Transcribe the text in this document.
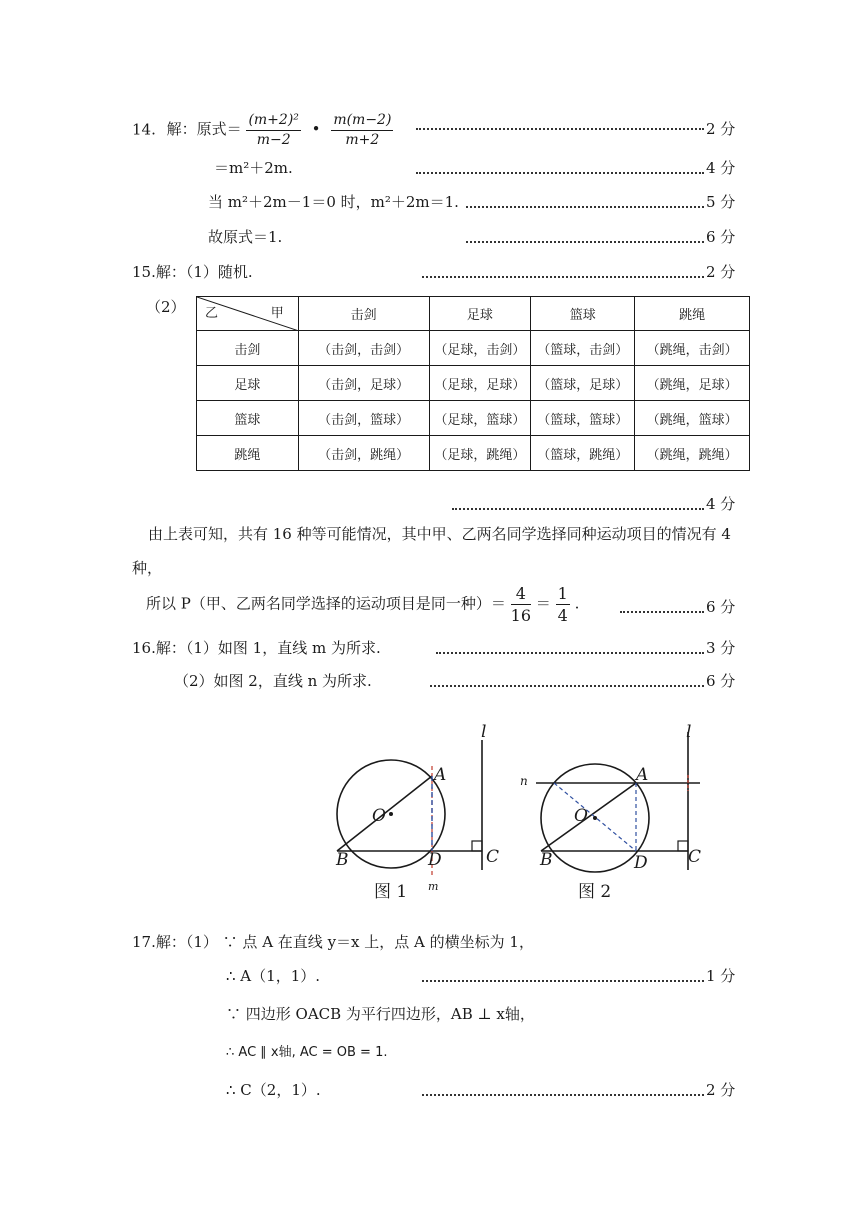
14. 解：原式＝ $\frac{\text{(m+2)²}}{m-2}$ • $\frac{m(m-2)}{m+2}$	2 分
＝m²＋2m.	4 分
当 m²＋2m－1＝0 时，m²＋2m＝1.	5 分
故原式＝1.	6 分
15.解：（1）随机.	2 分
（2）	甲
乙	击剑	足球	篮球	跳绳
击剑	（击剑，击剑）	（足球，击剑）	（篮球，击剑）	（跳绳，击剑）
足球	（击剑，足球）	（足球，足球）	（篮球，足球）	（跳绳，足球）
篮球	（击剑，篮球）	（足球，篮球）	（篮球，篮球）	（跳绳，篮球）
跳绳	（击剑，跳绳）	（足球，跳绳）	（篮球，跳绳）	（跳绳，跳绳）
4 分
由上表可知，共有 16 种等可能情况，其中甲、乙两名同学选择同种运动项目的情况有 4
种，
所以 P（甲、乙两名同学选择的运动项目是同一种）＝ $\frac{4}{16} = \frac{1}{4}$ .	6 分
16.解：（1）如图 1，直线 m 为所求.	3 分
（2）如图 2，直线 n 为所求.	6 分
l
A
O
B	D	C
m
图 1
l
n	A
O
B	D C
图 2
17.解：（1） ∵ 点 A 在直线 y＝x 上，点 A 的横坐标为 1，
∴ A（1，1）.	1 分
∵ 四边形 OACB 为平行四边形，AB ⊥ x轴，
∴ AC ∥ x轴, AC = OB = 1.
∴ C（2，1）.	2 分
